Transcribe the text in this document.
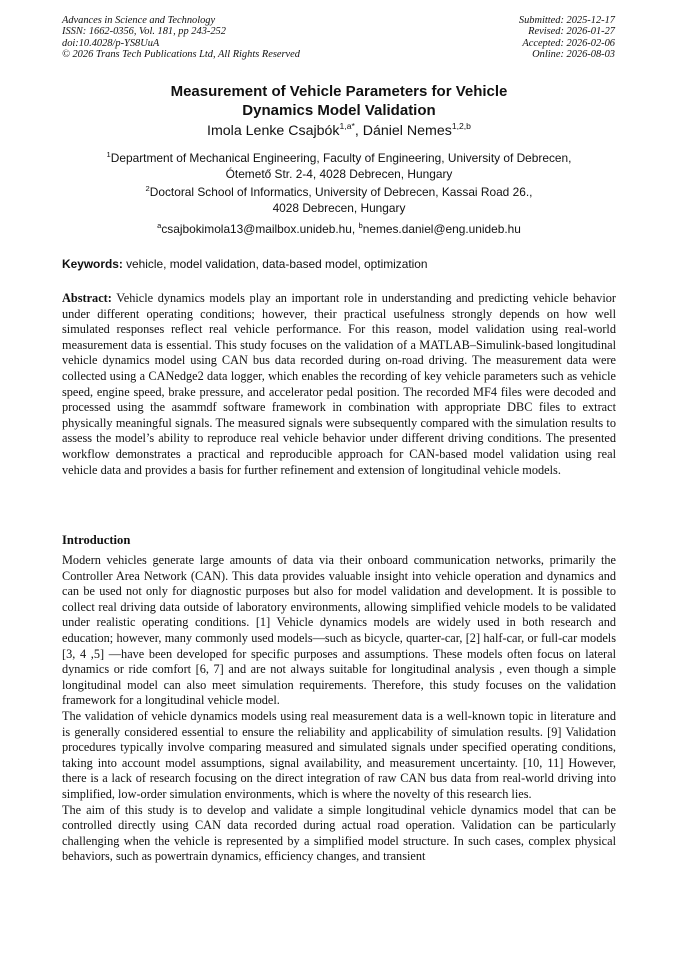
Advances in Science and Technology
ISSN: 1662-0356, Vol. 181, pp 243-252
doi:10.4028/p-YS8UuA
© 2026 Trans Tech Publications Ltd, All Rights Reserved
Submitted: 2025-12-17
Revised: 2026-01-27
Accepted: 2026-02-06
Online: 2026-08-03
Measurement of Vehicle Parameters for Vehicle
Dynamics Model Validation
Imola Lenke Csajbók$^{1,a*}$, Dániel Nemes$^{1,2,b}$
$^1$Department of Mechanical Engineering, Faculty of Engineering, University of Debrecen,
Ótemető Str. 2-4, 4028 Debrecen, Hungary
$^2$Doctoral School of Informatics, University of Debrecen, Kassai Road 26.,
4028 Debrecen, Hungary
$^a$csajbokimola13@mailbox.unideb.hu, $^b$nemes.daniel@eng.unideb.hu
Keywords: vehicle, model validation, data-based model, optimization
Abstract: Vehicle dynamics models play an important role in understanding and predicting vehicle behavior under different operating conditions; however, their practical usefulness strongly depends on how well simulated responses reflect real vehicle performance. For this reason, model validation using real-world measurement data is essential. This study focuses on the validation of a MATLAB–Simulink-based longitudinal vehicle dynamics model using CAN bus data recorded during on-road driving. The measurement data were collected using a CANedge2 data logger, which enables the recording of key vehicle parameters such as vehicle speed, engine speed, brake pressure, and accelerator pedal position. The recorded MF4 files were decoded and processed using the asammdf software framework in combination with appropriate DBC files to extract physically meaningful signals. The measured signals were subsequently compared with the simulation results to assess the model’s ability to reproduce real vehicle behavior under different driving conditions. The presented workflow demonstrates a practical and reproducible approach for CAN-based model validation using real vehicle data and provides a basis for further refinement and extension of longitudinal vehicle models.
Introduction

Modern vehicles generate large amounts of data via their onboard communication networks, primarily the Controller Area Network (CAN). This data provides valuable insight into vehicle operation and dynamics and can be used not only for diagnostic purposes but also for model validation and development. It is possible to collect real driving data outside of laboratory environments, allowing simplified vehicle models to be validated under realistic operating conditions. [1] Vehicle dynamics models are widely used in both research and education; however, many commonly used models—such as bicycle, quarter-car, [2] half-car, or full-car models [3, 4 ,5] —have been developed for specific purposes and assumptions. These models often focus on lateral dynamics or ride comfort [6, 7] and are not always suitable for longitudinal analysis , even though a simple longitudinal model can also meet simulation requirements. Therefore, this study focuses on the validation framework for a longitudinal vehicle model.

The validation of vehicle dynamics models using real measurement data is a well-known topic in literature and is generally considered essential to ensure the reliability and applicability of simulation results. [9] Validation procedures typically involve comparing measured and simulated signals under specified operating conditions, taking into account model assumptions, signal availability, and measurement uncertainty. [10, 11] However, there is a lack of research focusing on the direct integration of raw CAN bus data from real-world driving into simplified, low-order simulation environments, which is where the novelty of this research lies.

The aim of this study is to develop and validate a simple longitudinal vehicle dynamics model that can be controlled directly using CAN data recorded during actual road operation. Validation can be particularly challenging when the vehicle is represented by a simplified model structure. In such cases, complex physical behaviors, such as powertrain dynamics, efficiency changes, and transient
